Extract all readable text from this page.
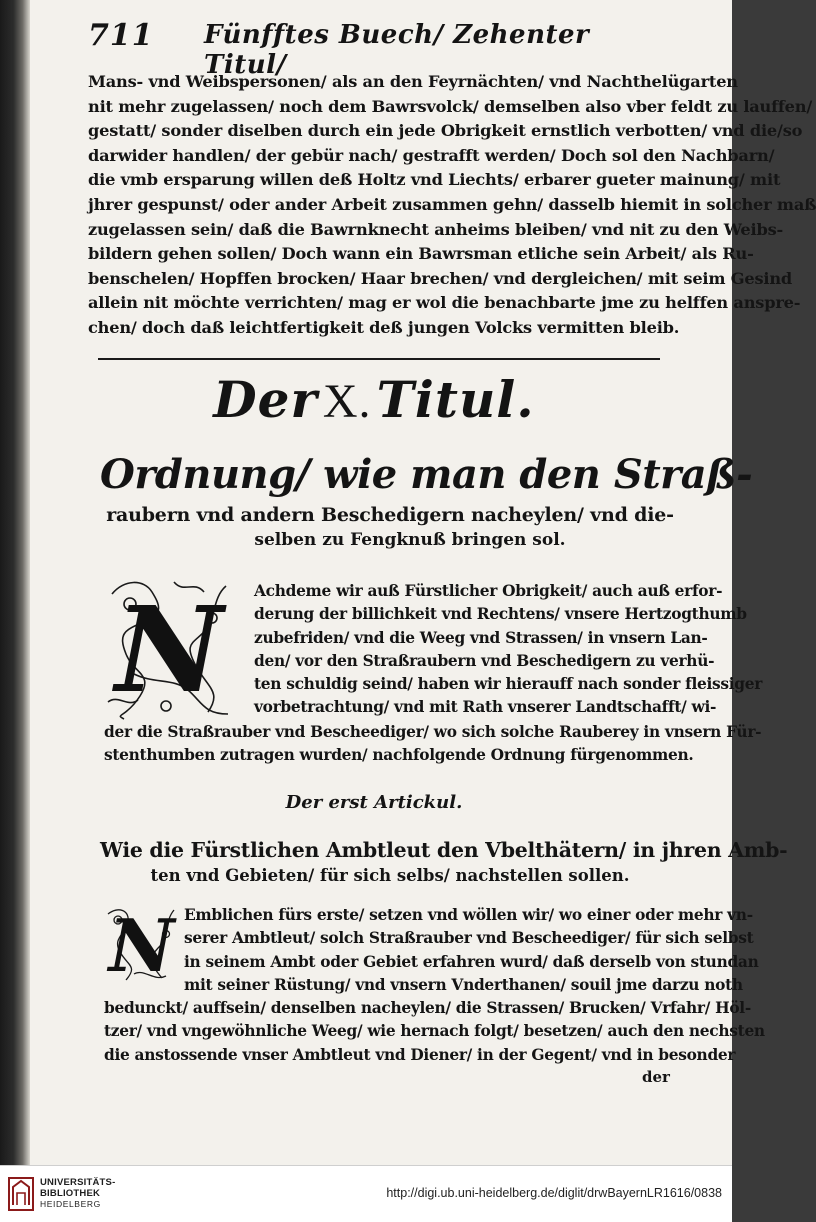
711 Fünfftes Buech/ Zehenter Titul/
Mans- vnd Weibspersonen/ als an den Feyrnächten/ vnd Nachthelügarten
nit mehr zugelassen/ noch dem Bawrsvolck/ demselben also vber feldt zu lauffen/
gestatt/ sonder diselben durch ein jede Obrigkeit ernstlich verbotten/ vnd die/so
darwider handlen/ der gebür nach/ gestrafft werden/ Doch sol den Nachbarn/
die vmb ersparung willen deß Holtz vnd Liechts/ erbarer gueter mainung/ mit
jhrer gespunst/ oder ander Arbeit zusammen gehn/ dasselb hiemit in solcher maß
zugelassen sein/ daß die Bawrnknecht anheims bleiben/ vnd nit zu den Weibs-
bildern gehen sollen/ Doch wann ein Bawrsman etliche sein Arbeit/ als Ru-
benschelen/ Hopffen brocken/ Haar brechen/ vnd dergleichen/ mit seim Gesind
allein nit möchte verrichten/ mag er wol die benachbarte jme zu helffen anspre-
chen/ doch daß leichtfertigkeit deß jungen Volcks vermitten bleib.
Der X. Titul.
Ordnung/ wie man den Straß-
raubern vnd andern Beschedigern nacheylen/ vnd die-
selben zu Fengknuß bringen sol.
N	Achdeme wir auß Fürstlicher Obrigkeit/ auch auß erfor-
derung der billichkeit vnd Rechtens/ vnsere Hertzogthumb
zubefriden/ vnd die Weeg vnd Strassen/ in vnsern Lan-
den/ vor den Straßraubern vnd Beschedigern zu verhü-
ten schuldig seind/ haben wir hierauff nach sonder fleissiger
vorbetrachtung/ vnd mit Rath vnserer Landtschafft/ wi-
der die Straßrauber vnd Bescheediger/ wo sich solche Rauberey in vnsern Für-
stenthumben zutragen wurden/ nachfolgende Ordnung fürgenommen.
Der erst Artickul.
Wie die Fürstlichen Ambtleut den Vbelthätern/ in jhren Amb-
ten vnd Gebieten/ für sich selbs/ nachstellen sollen.
N Emblichen fürs erste/ setzen vnd wöllen wir/ wo einer oder mehr vn-
serer Ambtleut/ solch Straßrauber vnd Bescheediger/ für sich selbst
in seinem Ambt oder Gebiet erfahren wurd/ daß derselb von stundan
mit seiner Rüstung/ vnd vnsern Vnderthanen/ souil jme darzu noth
bedunckt/ auffsein/ denselben nacheylen/ die Strassen/ Brucken/ Vrfahr/ Höl-
tzer/ vnd vngewöhnliche Weeg/ wie hernach folgt/ besetzen/ auch den nechsten
die anstossende vnser Ambtleut vnd Diener/ in der Gegent/ vnd in besonder
der
UNIVERSITÄTS-
BIBLIOTHEK
HEIDELBERG
http://digi.ub.uni-heidelberg.de/diglit/drwBayernLR1616/0838
